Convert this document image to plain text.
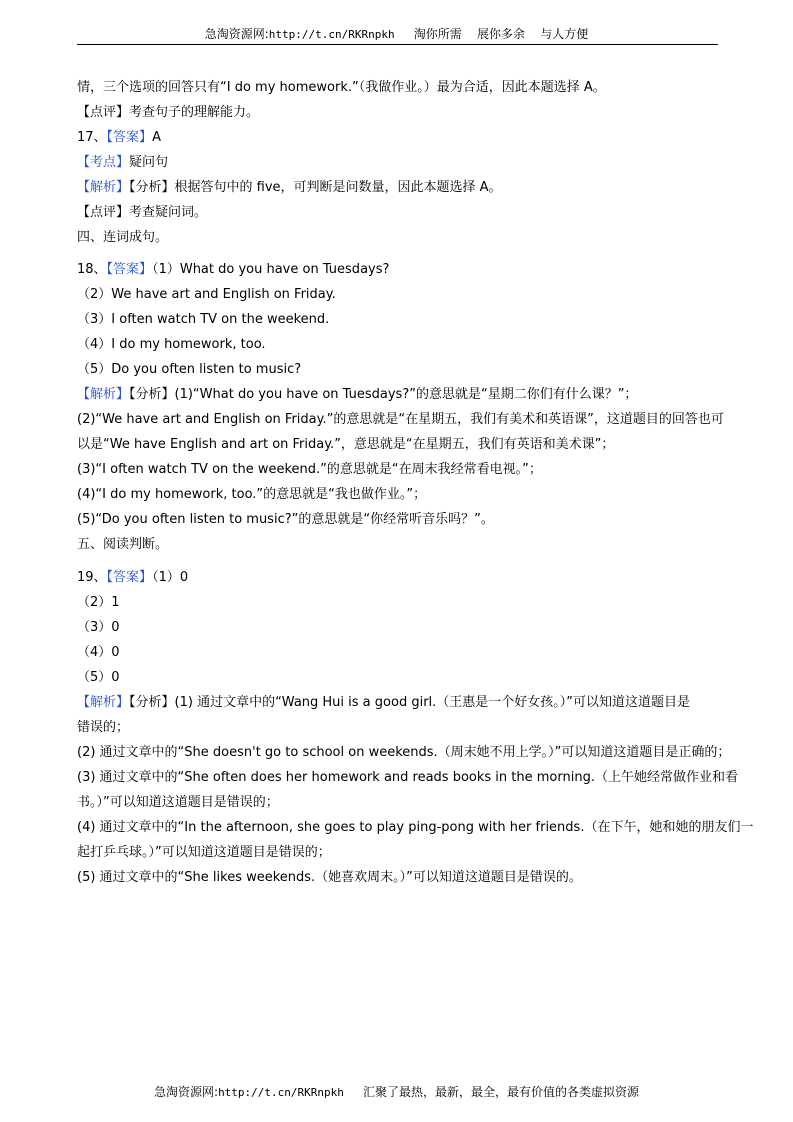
急淘资源网:http://t.cn/RKRnpkh     淘你所需    展你多余    与人方便
情，三个选项的回答只有“I do my homework.”（我做作业。）最为合适，因此本题选择 A。
【点评】考查句子的理解能力。
17、【答案】A
【考点】疑问句
【解析】【分析】根据答句中的 five，可判断是问数量，因此本题选择 A。
【点评】考查疑问词。
四、连词成句。
18、【答案】（1）What do you have on Tuesdays?
（2）We have art and English on Friday.
（3）I often watch TV on the weekend.
（4）I do my homework, too.
（5）Do you often listen to music?
【解析】【分析】(1)“What do you have on Tuesdays?”的意思就是“星期二你们有什么课？”；
(2)“We have art and English on Friday.”的意思就是“在星期五，我们有美术和英语课”，这道题目的回答也可
以是“We have English and art on Friday.”，意思就是“在星期五，我们有英语和美术课”；
(3)“I often watch TV on the weekend.”的意思就是“在周末我经常看电视。”；
(4)“I do my homework, too.”的意思就是“我也做作业。”；
(5)“Do you often listen to music?”的意思就是“你经常听音乐吗？”。
五、阅读判断。
19、【答案】（1）0
（2）1
（3）0
（4）0
（5）0
【解析】【分析】(1) 通过文章中的“Wang Hui is a good girl.（王惠是一个好女孩。）”可以知道这道题目是
错误的；
(2) 通过文章中的“She doesn't go to school on weekends.（周末她不用上学。）”可以知道这道题目是正确的；
(3) 通过文章中的“She often does her homework and reads books in the morning.（上午她经常做作业和看
书。）”可以知道这道题目是错误的；
(4) 通过文章中的“In the afternoon, she goes to play ping-pong with her friends.（在下午，她和她的朋友们一
起打乒乓球。）”可以知道这道题目是错误的；
(5) 通过文章中的“She likes weekends.（她喜欢周末。）”可以知道这道题目是错误的。
急淘资源网:http://t.cn/RKRnpkh     汇聚了最热，最新，最全，最有价值的各类虚拟资源
